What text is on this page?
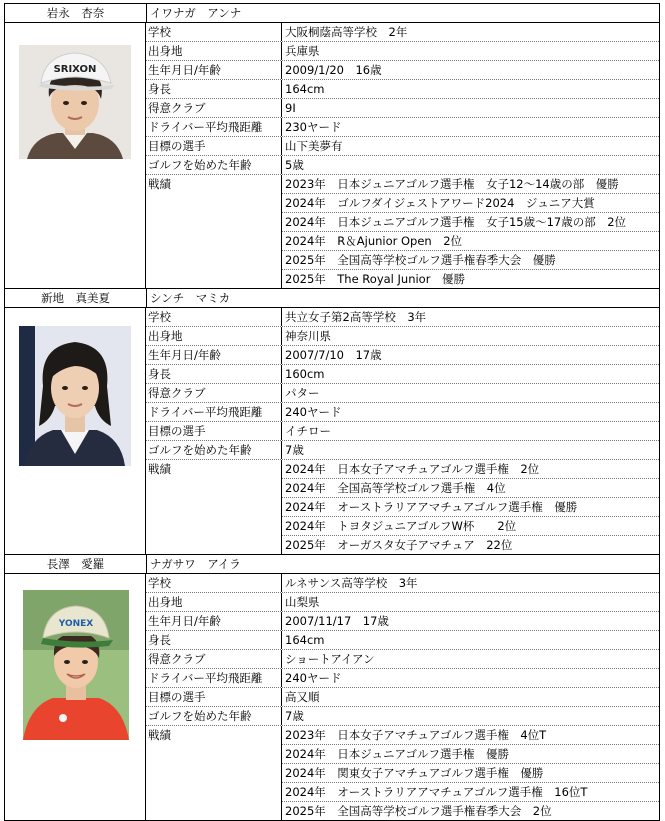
岩永　杏奈	イワナガ　アンナ
SRIXON
学校	大阪桐蔭高等学校　2年
出身地	兵庫県
生年月日/年齢	2009/1/20　16歳
身長	164cm
得意クラブ	9I
ドライバー平均飛距離	230ヤード
目標の選手	山下美夢有
ゴルフを始めた年齢	5歳
戦績	2023年　日本ジュニアゴルフ選手権　女子12～14歳の部　優勝
2024年　ゴルフダイジェストアワード2024　ジュニア大賞
2024年　日本ジュニアゴルフ選手権　女子15歳～17歳の部　2位
2024年　R＆Ajunior Open　2位
2025年　全国高等学校ゴルフ選手権春季大会　優勝
2025年　The Royal Junior　優勝
新地　真美夏	シンチ　マミカ
学校	共立女子第2高等学校　3年
出身地	神奈川県
生年月日/年齢	2007/7/10　17歳
身長	160cm
得意クラブ	パター
ドライバー平均飛距離	240ヤード
目標の選手	イチロー
ゴルフを始めた年齢	7歳
戦績	2024年　日本女子アマチュアゴルフ選手権　2位
2024年　全国高等学校ゴルフ選手権　4位
2024年　オーストラリアアマチュアゴルフ選手権　優勝
2024年　トヨタジュニアゴルフW杯　　2位
2025年　オーガスタ女子アマチュア　22位
長澤　愛羅	ナガサワ　アイラ
YONEX
学校	ルネサンス高等学校　3年
出身地	山梨県
生年月日/年齢	2007/11/17　17歳
身長	164cm
得意クラブ	ショートアイアン
ドライバー平均飛距離	240ヤード
目標の選手	高又順
ゴルフを始めた年齢	7歳
戦績	2023年　日本女子アマチュアゴルフ選手権　4位T
2024年　日本ジュニアゴルフ選手権　優勝
2024年　関東女子アマチュアゴルフ選手権　優勝
2024年　オーストラリアアマチュアゴルフ選手権　16位T
2025年　全国高等学校ゴルフ選手権春季大会　2位
